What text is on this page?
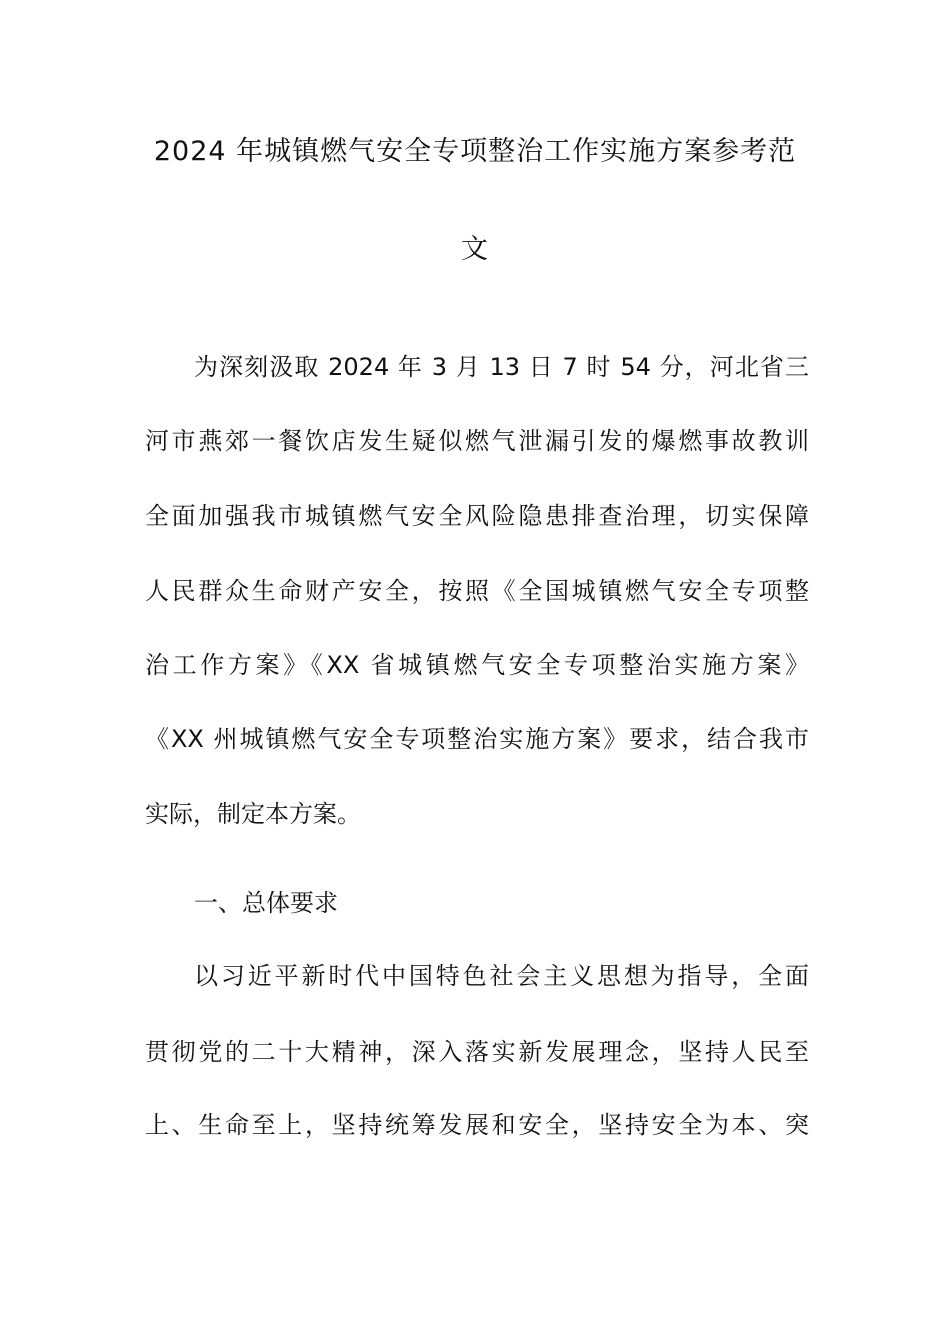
2024 年城镇燃气安全专项整治工作实施方案参考范
文
为深刻汲取 2024 年 3 月 13 日 7 时 54 分，河北省三
河市燕郊一餐饮店发生疑似燃气泄漏引发的爆燃事故教训
全面加强我市城镇燃气安全风险隐患排查治理，切实保障
人民群众生命财产安全，按照《全国城镇燃气安全专项整
治工作方案》《XX 省城镇燃气安全专项整治实施方案》
《XX 州城镇燃气安全专项整治实施方案》要求，结合我市
实际，制定本方案。
一、总体要求
以习近平新时代中国特色社会主义思想为指导，全面
贯彻党的二十大精神，深入落实新发展理念，坚持人民至
上、生命至上，坚持统筹发展和安全，坚持安全为本、突
